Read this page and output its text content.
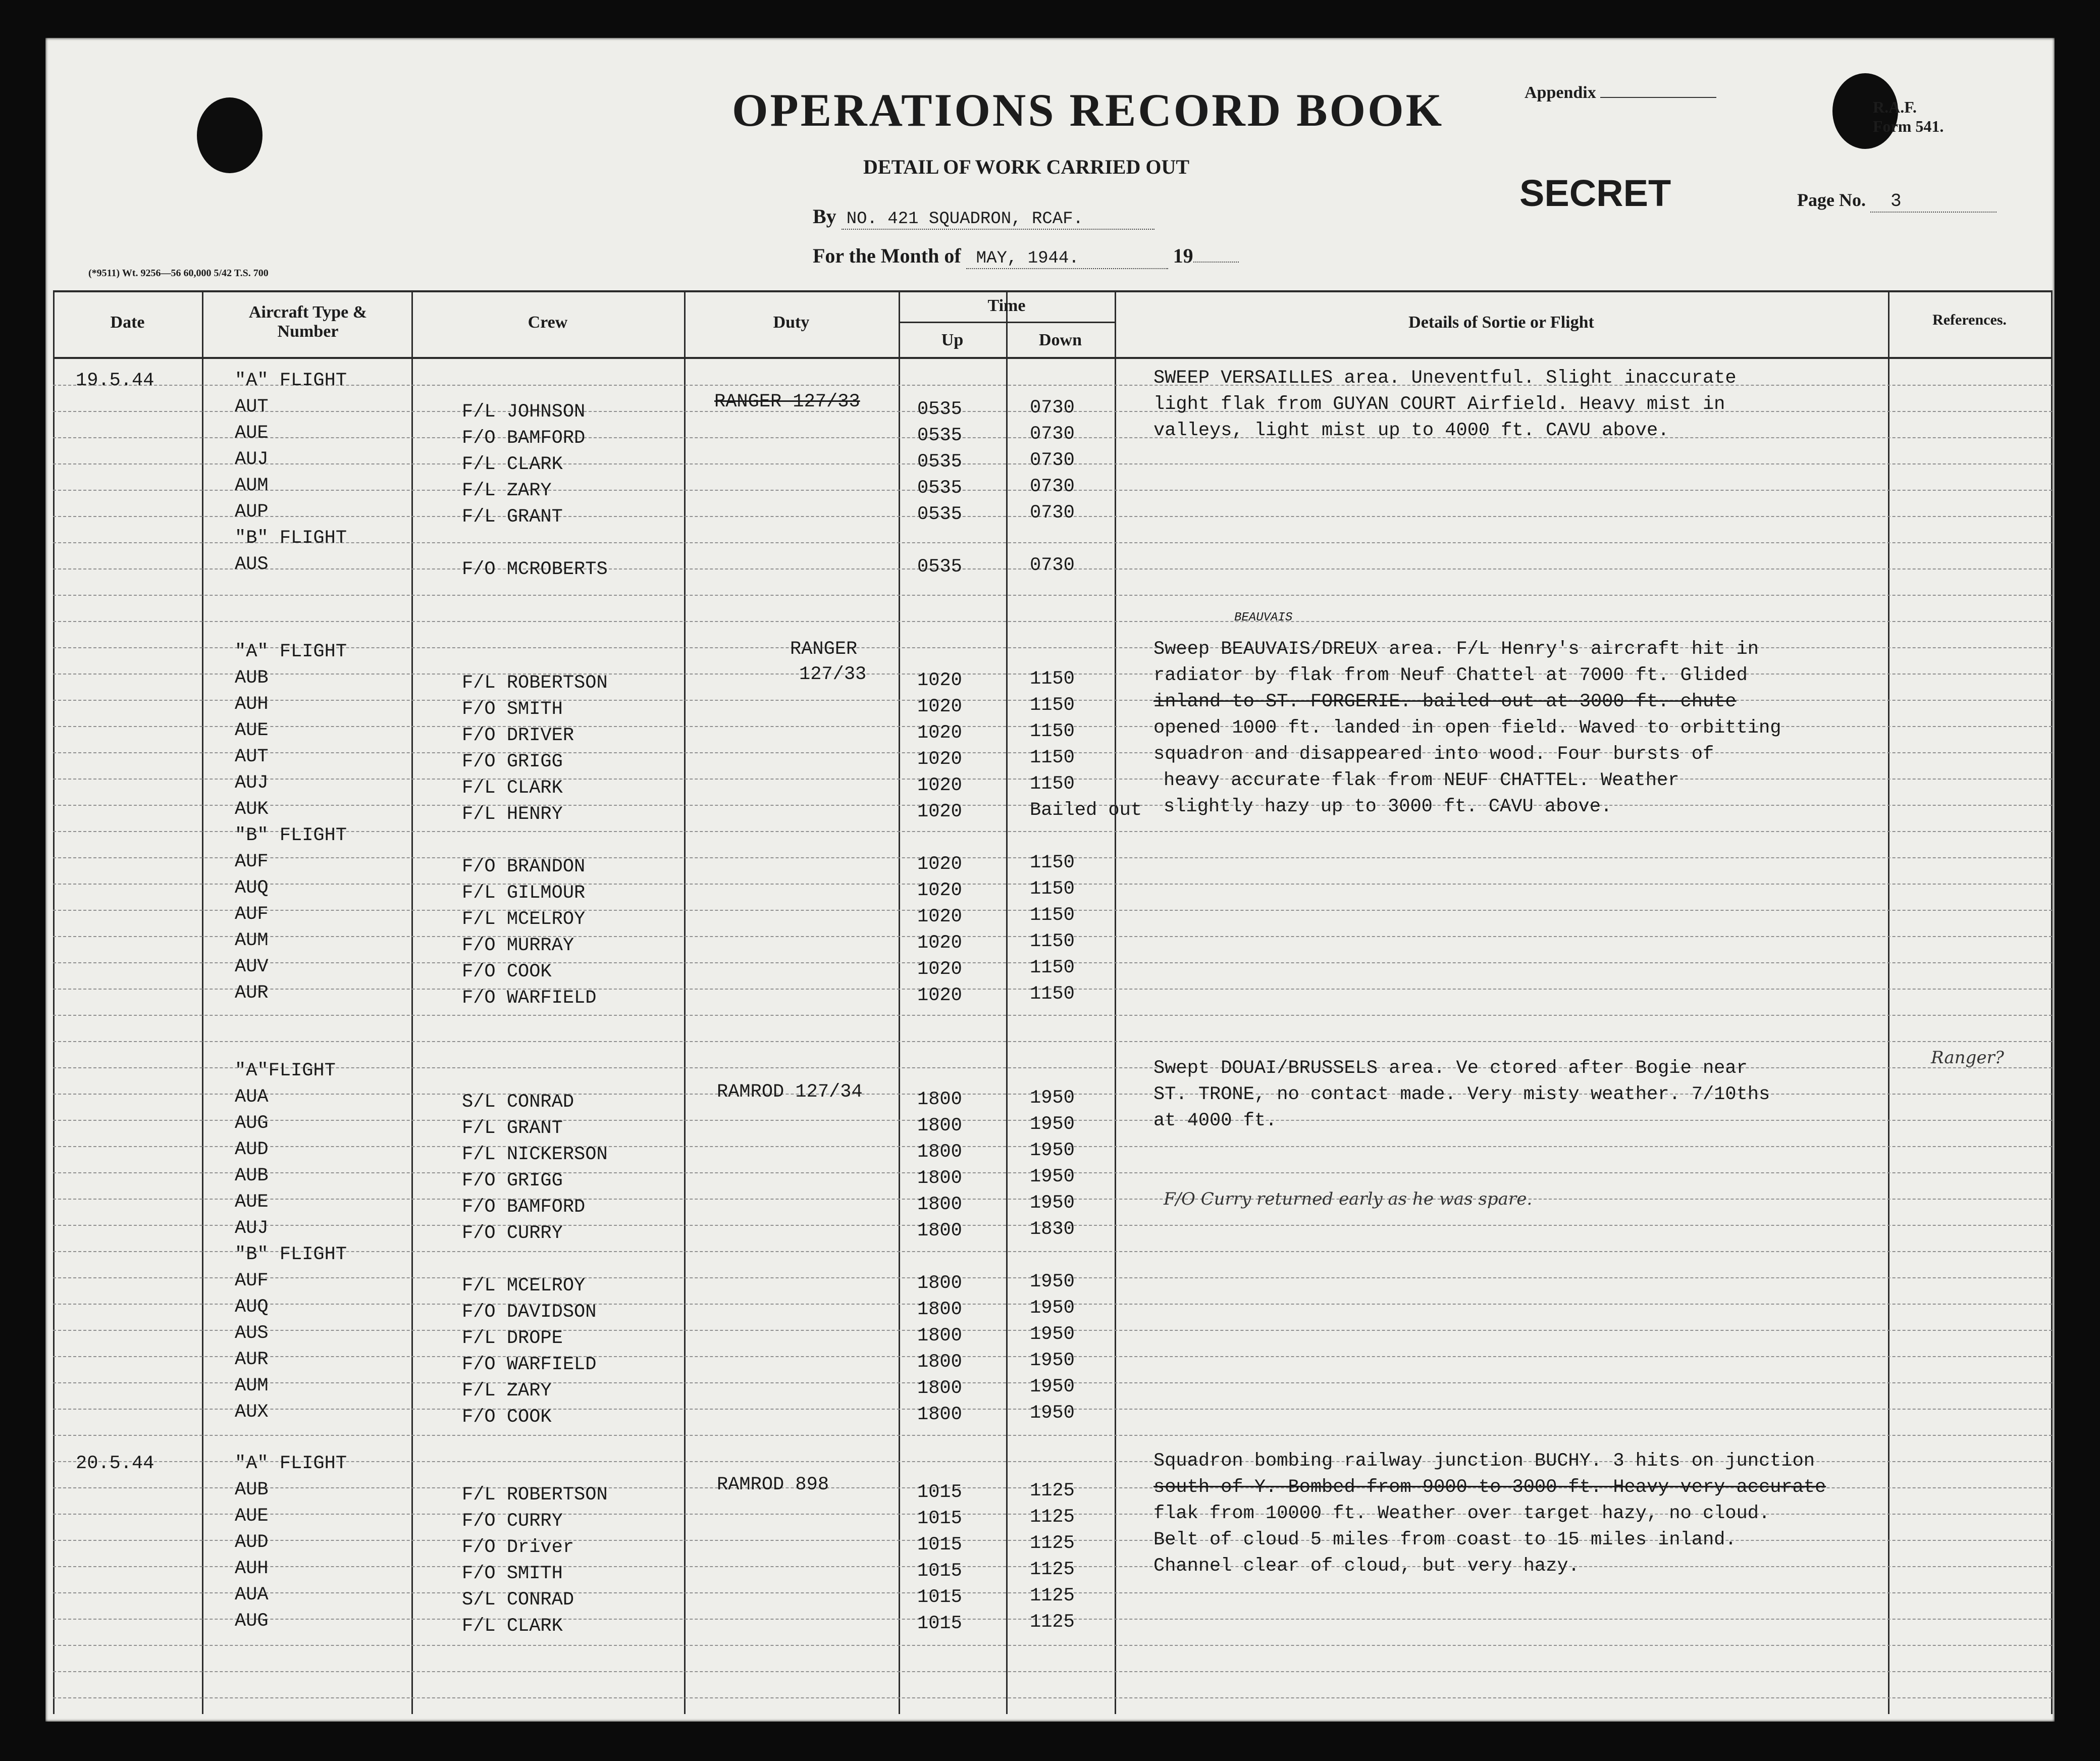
OPERATIONS RECORD BOOK
DETAIL OF WORK CARRIED OUT
By NO. 421 SQUADRON, RCAF.
For the Month of MAY, 1944.	19
Appendix
R.A.F.
Form 541.
SECRET	Page No. 3
(*9511) Wt. 9256—56 60,000 5/42 T.S. 700
Date
Aircraft Type & Number	Crew	Duty
Time
Up	Down
Details of Sortie or Flight	References.
19.5.44	"A" FLIGHT
AUT	F/L JOHNSON	0535	0730
AUE	F/O BAMFORD	0535	0730
AUJ	F/L CLARK	0535	0730
AUM	F/L ZARY	0535	0730
AUP	F/L GRANT	0535	0730
"B" FLIGHT
AUS	F/O MCROBERTS	0535	0730
RANGER 127/33
SWEEP VERSAILLES area. Uneventful. Slight inaccurate
light flak from GUYAN COURT Airfield. Heavy mist in
valleys, light mist up to 4000 ft. CAVU above.
"A" FLIGHT
AUB	F/L ROBERTSON	1020	1150
AUH	F/O SMITH	1020	1150
AUE	F/O DRIVER	1020	1150
AUT	F/O GRIGG	1020	1150
AUJ	F/L CLARK	1020	1150
AUK	F/L HENRY	1020	Bailed out
"B" FLIGHT
AUF	F/O BRANDON	1020	1150
AUQ	F/L GILMOUR	1020	1150
AUF	F/L MCELROY	1020	1150
AUM	F/O MURRAY	1020	1150
AUV	F/O COOK	1020	1150
AUR	F/O WARFIELD	1020	1150
RANGER
127/33
Sweep BEAUVAIS/DREUX area. F/L Henry's aircraft hit in
radiator by flak from Neuf Chattel at 7000 ft. Glided
inland to ST. FORGERIE. bailed out at 3000 ft. chute
opened 1000 ft. landed in open field. Waved to orbitting
squadron and disappeared into wood. Four bursts of
heavy accurate flak from NEUF CHATTEL. Weather
slightly hazy up to 3000 ft. CAVU above.
BEAUVAIS
"A"FLIGHT
AUA	S/L CONRAD	1800	1950
AUG	F/L GRANT	1800	1950
AUD	F/L NICKERSON	1800	1950
AUB	F/O GRIGG	1800	1950
AUE	F/O BAMFORD	1800	1950
AUJ	F/O CURRY	1800	1830
"B" FLIGHT
AUF	F/L MCELROY	1800	1950
AUQ	F/O DAVIDSON	1800	1950
AUS	F/L DROPE	1800	1950
AUR	F/O WARFIELD	1800	1950
AUM	F/L ZARY	1800	1950
AUX	F/O COOK	1800	1950
RAMROD 127/34
Swept DOUAI/BRUSSELS area. Ve ctored after Bogie near
ST. TRONE, no contact made. Very misty weather. 7/10ths
at 4000 ft.
F/O Curry returned early as he was spare.
Ranger?
20.5.44	"A" FLIGHT
AUB	F/L ROBERTSON	1015	1125
AUE	F/O CURRY	1015	1125
AUD	F/O Driver	1015	1125
AUH	F/O SMITH	1015	1125
AUA	S/L CONRAD	1015	1125
AUG	F/L CLARK	1015	1125
RAMROD 898
Squadron bombing railway junction BUCHY. 3 hits on junction
south of Y. Bombed from 9000 to 3000 ft. Heavy very accurate
flak from 10000 ft. Weather over target hazy, no cloud.
Belt of cloud 5 miles from coast to 15 miles inland.
Channel clear of cloud, but very hazy.
